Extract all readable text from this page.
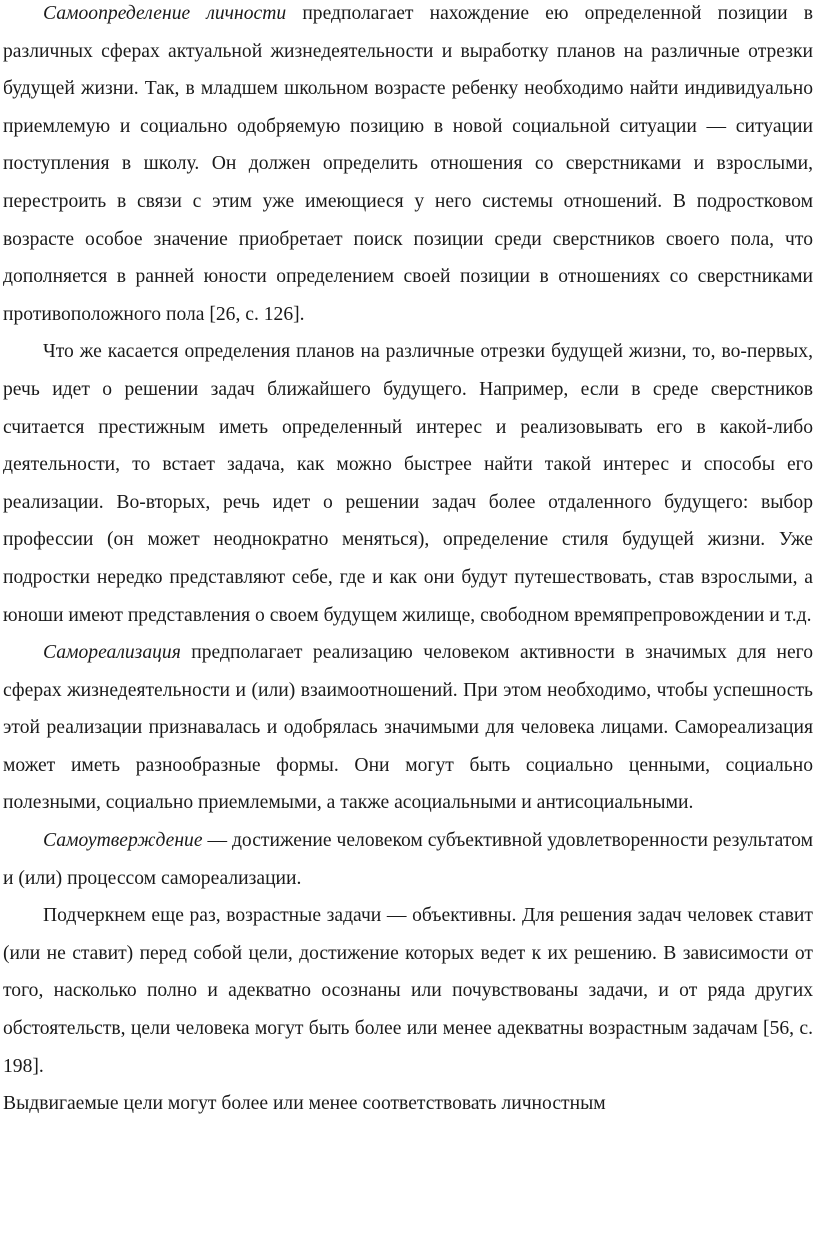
Самоопределение личности предполагает нахождение ею определенной позиции в различных сферах актуальной жизнедеятельности и выработку планов на различные отрезки будущей жизни. Так, в младшем школьном возрасте ребенку необходимо найти индивидуально приемлемую и социально одобряемую позицию в новой социальной ситуации — ситуации поступления в школу. Он должен определить отношения со сверстниками и взрослыми, перестроить в связи с этим уже имеющиеся у него системы отношений. В подростковом возрасте особое значение приобретает поиск позиции среди сверстников своего пола, что дополняется в ранней юности определением своей позиции в отношениях со сверстниками противоположного пола [26, с. 126].

Что же касается определения планов на различные отрезки будущей жизни, то, во-первых, речь идет о решении задач ближайшего будущего. Например, если в среде сверстников считается престижным иметь определенный интерес и реализовывать его в какой-либо деятельности, то встает задача, как можно быстрее найти такой интерес и способы его реализации. Во-вторых, речь идет о решении задач более отдаленного будущего: выбор профессии (он может неоднократно меняться), определение стиля будущей жизни. Уже подростки нередко представляют себе, где и как они будут путешествовать, став взрослыми, а юноши имеют представления о своем будущем жилище, свободном времяпрепровождении и т.д.

Самореализация предполагает реализацию человеком активности в значимых для него сферах жизнедеятельности и (или) взаимоотношений. При этом необходимо, чтобы успешность этой реализации признавалась и одобрялась значимыми для человека лицами. Самореализация может иметь разнообразные формы. Они могут быть социально ценными, социально полезными, социально приемлемыми, а также асоциальными и антисоциальными.

Самоутверждение — достижение человеком субъективной удовлетворенности результатом и (или) процессом самореализации.

Подчеркнем еще раз, возрастные задачи — объективны. Для решения задач человек ставит (или не ставит) перед собой цели, достижение которых ведет к их решению. В зависимости от того, насколько полно и адекватно осознаны или почувствованы задачи, и от ряда других обстоятельств, цели человека могут быть более или менее адекватны возрастным задачам [56, с. 198].

Выдвигаемые цели могут более или менее соответствовать личностным
